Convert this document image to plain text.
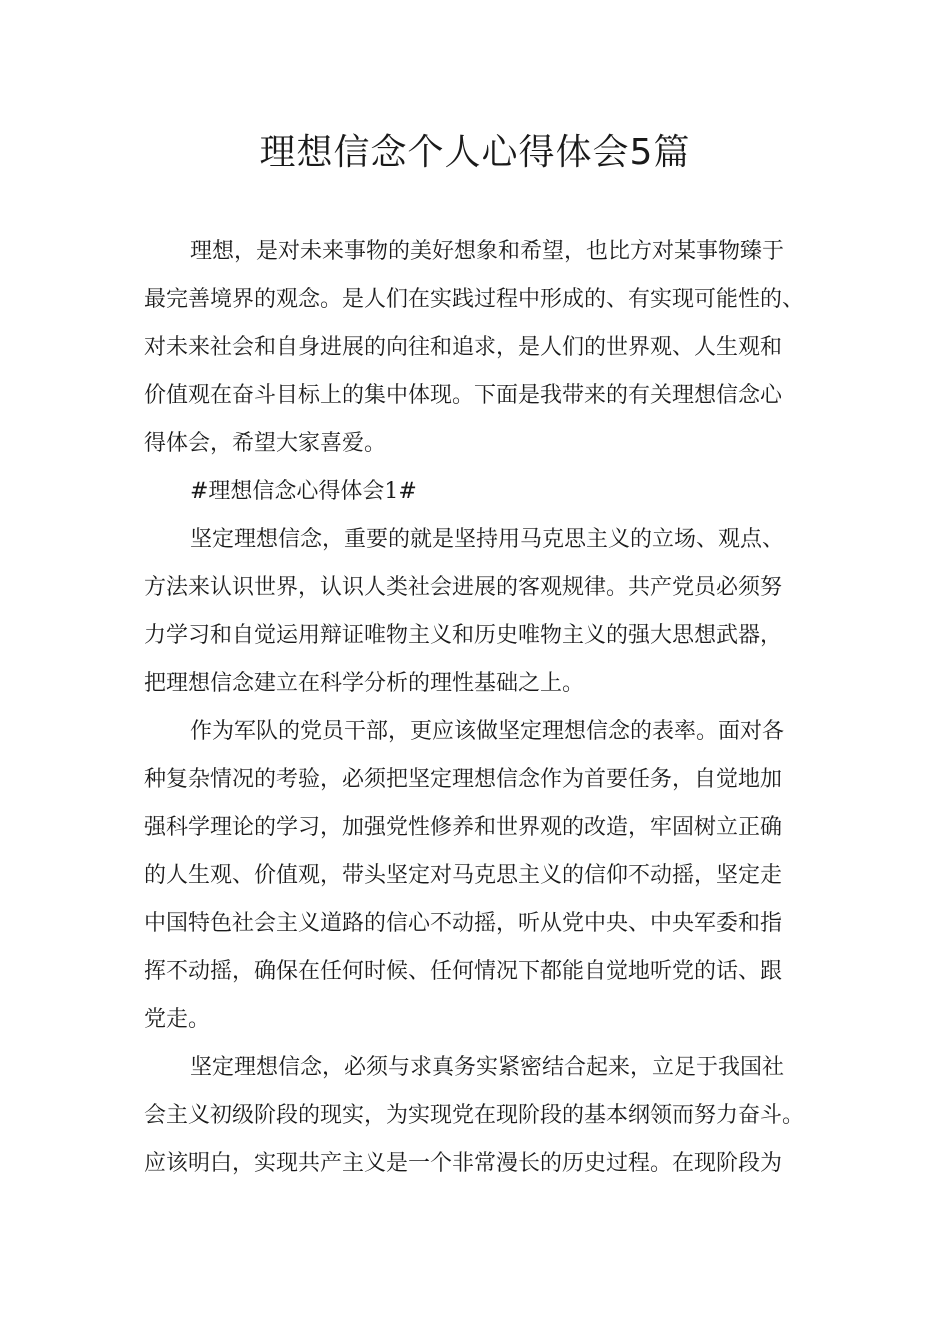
理想信念个人心得体会5篇
理想，是对未来事物的美好想象和希望，也比方对某事物臻于
最完善境界的观念。是人们在实践过程中形成的、有实现可能性的、
对未来社会和自身进展的向往和追求，是人们的世界观、人生观和
价值观在奋斗目标上的集中体现。下面是我带来的有关理想信念心
得体会，希望大家喜爱。
#理想信念心得体会1#
坚定理想信念，重要的就是坚持用马克思主义的立场、观点、
方法来认识世界，认识人类社会进展的客观规律。共产党员必须努
力学习和自觉运用辩证唯物主义和历史唯物主义的强大思想武器，
把理想信念建立在科学分析的理性基础之上。
作为军队的党员干部，更应该做坚定理想信念的表率。面对各
种复杂情况的考验，必须把坚定理想信念作为首要任务，自觉地加
强科学理论的学习，加强党性修养和世界观的改造，牢固树立正确
的人生观、价值观，带头坚定对马克思主义的信仰不动摇，坚定走
中国特色社会主义道路的信心不动摇，听从党中央、中央军委和指
挥不动摇，确保在任何时候、任何情况下都能自觉地听党的话、跟
党走。
坚定理想信念，必须与求真务实紧密结合起来，立足于我国社
会主义初级阶段的现实，为实现党在现阶段的基本纲领而努力奋斗。
应该明白，实现共产主义是一个非常漫长的历史过程。在现阶段为
